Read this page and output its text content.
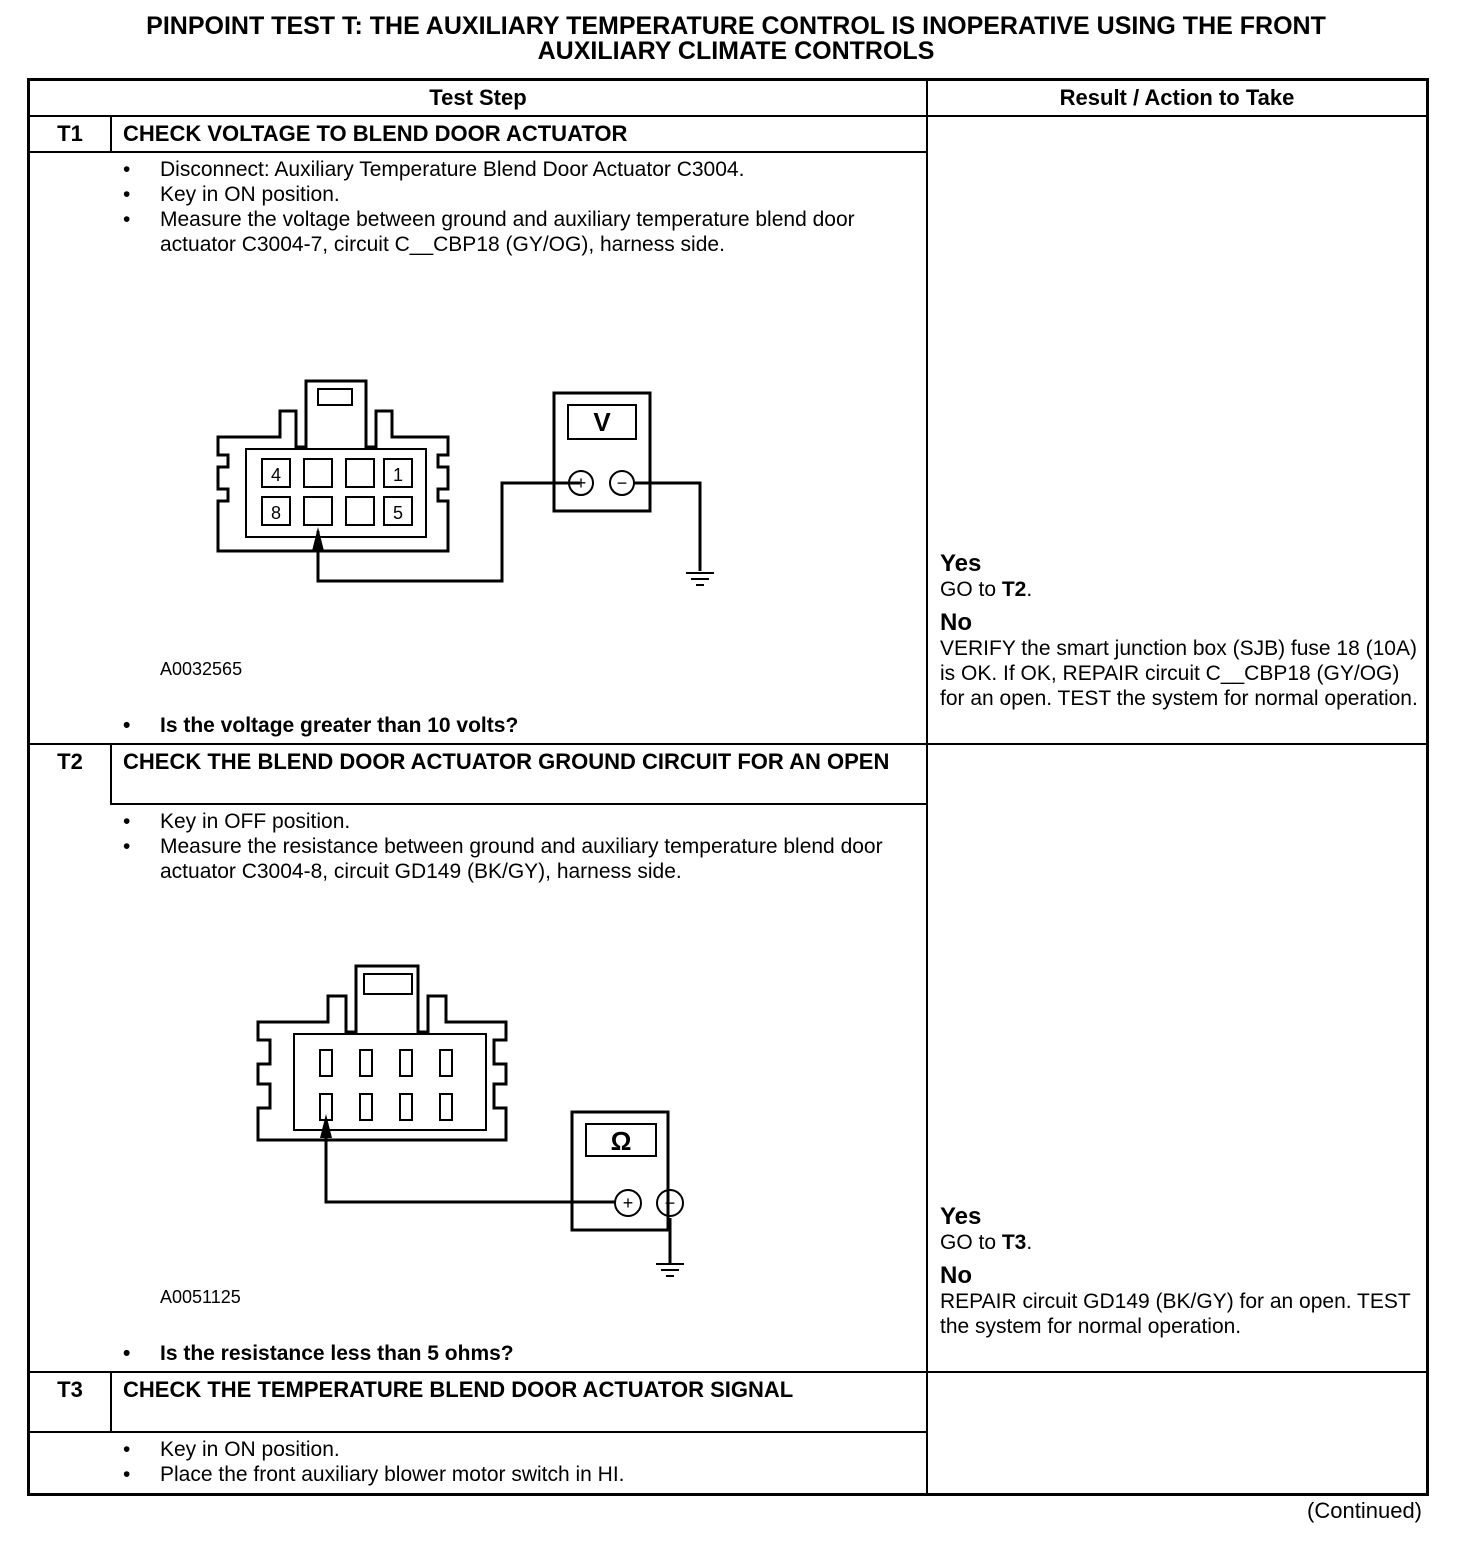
PINPOINT TEST T: THE AUXILIARY TEMPERATURE CONTROL IS INOPERATIVE USING THE FRONT
AUXILIARY CLIMATE CONTROLS
Test Step	Result / Action to Take
T1	CHECK VOLTAGE TO BLEND DOOR ACTUATOR
• Disconnect: Auxiliary Temperature Blend Door Actuator C3004.
• Key in ON position.
• Measure the voltage between ground and auxiliary temperature blend door actuator C3004-7, circuit C__CBP18 (GY/OG), harness side.
+ −
V
4	1
8	5
A0032565
• Is the voltage greater than 10 volts?
Yes
GO to T2.
No
VERIFY the smart junction box (SJB) fuse 18 (10A) is OK. If OK, REPAIR circuit C__CBP18 (GY/OG) for an open. TEST the system for normal operation.
T2	CHECK THE BLEND DOOR ACTUATOR GROUND CIRCUIT FOR AN OPEN
• Key in OFF position.
• Measure the resistance between ground and auxiliary temperature blend door actuator C3004-8, circuit GD149 (BK/GY), harness side.
+ −
Ω
A0051125
• Is the resistance less than 5 ohms?
Yes
GO to T3.
No
REPAIR circuit GD149 (BK/GY) for an open. TEST the system for normal operation.
T3	CHECK THE TEMPERATURE BLEND DOOR ACTUATOR SIGNAL
• Key in ON position.
• Place the front auxiliary blower motor switch in HI.
(Continued)
